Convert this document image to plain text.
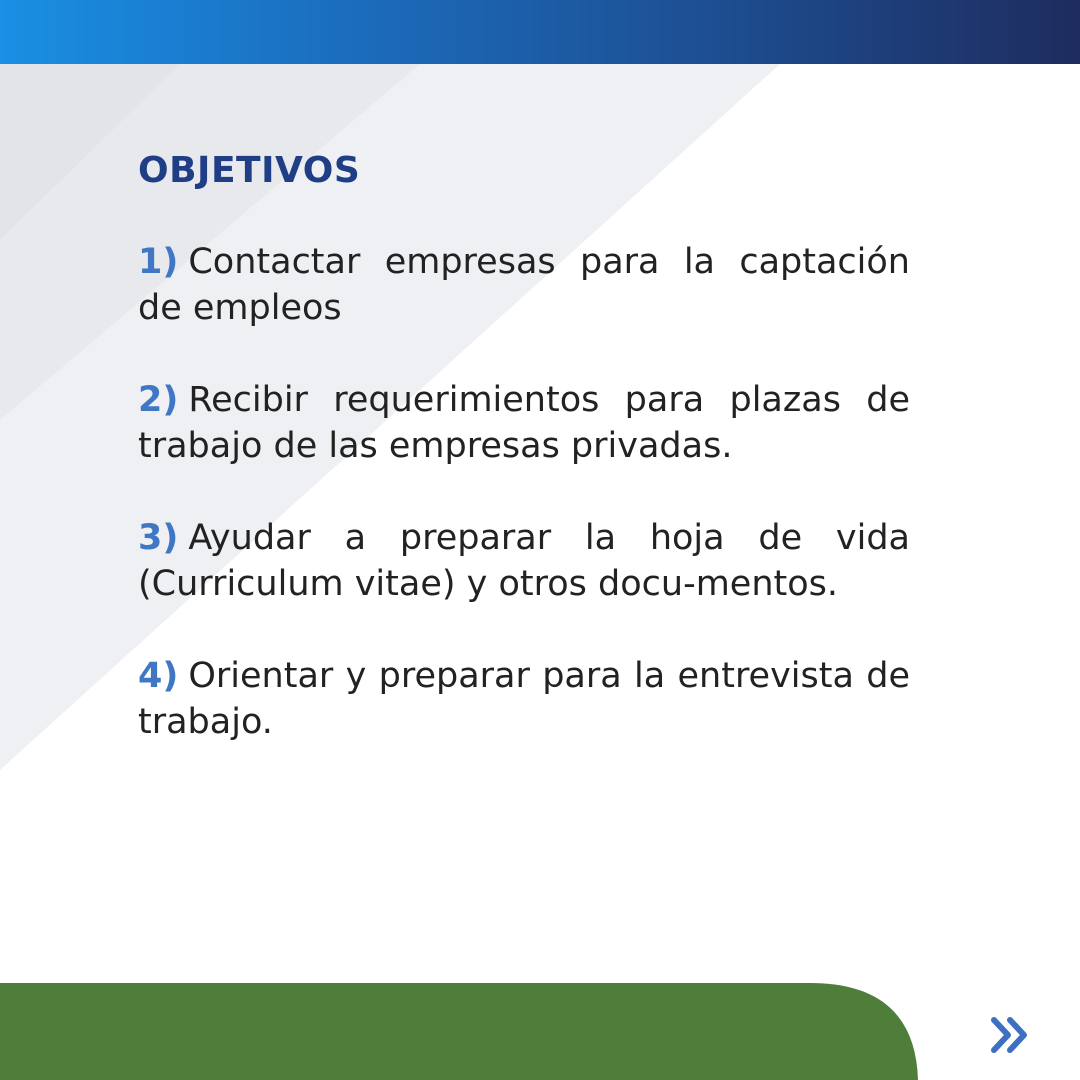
OBJETIVOS
1) Contactar empresas para la captación de empleos
2) Recibir requerimientos para plazas de trabajo de las empresas privadas.
3) Ayudar a preparar la hoja de vida (Curriculum vitae) y otros docu-mentos.
4) Orientar y preparar para la entrevista de trabajo.
